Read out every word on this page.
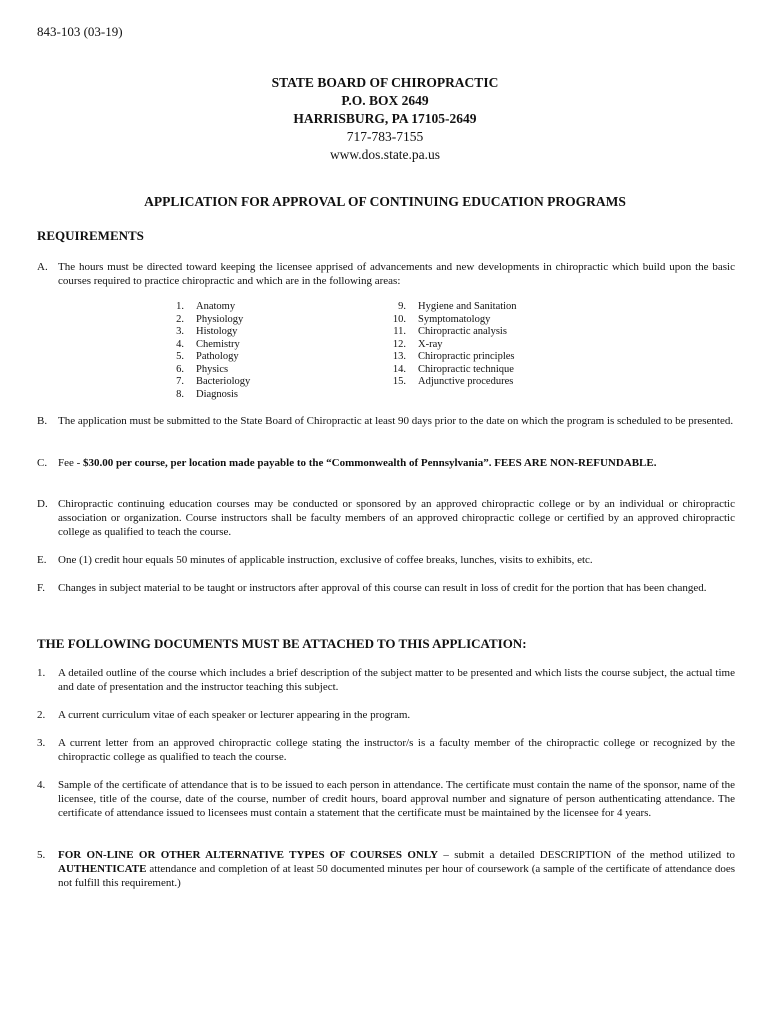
843-103 (03-19)
STATE BOARD OF CHIROPRACTIC
P.O. BOX 2649
HARRISBURG, PA 17105-2649
717-783-7155
www.dos.state.pa.us
APPLICATION FOR APPROVAL OF CONTINUING EDUCATION PROGRAMS
REQUIREMENTS
A. The hours must be directed toward keeping the licensee apprised of advancements and new developments in chiropractic which build upon the basic courses required to practice chiropractic and which are in the following areas:
1. Anatomy
2. Physiology
3. Histology
4. Chemistry
5. Pathology
6. Physics
7. Bacteriology
8. Diagnosis
9. Hygiene and Sanitation
10. Symptomatology
11. Chiropractic analysis
12. X-ray
13. Chiropractic principles
14. Chiropractic technique
15. Adjunctive procedures
B. The application must be submitted to the State Board of Chiropractic at least 90 days prior to the date on which the program is scheduled to be presented.
C. Fee - $30.00 per course, per location made payable to the “Commonwealth of Pennsylvania”. FEES ARE NON-REFUNDABLE.
D. Chiropractic continuing education courses may be conducted or sponsored by an approved chiropractic college or by an individual or chiropractic association or organization. Course instructors shall be faculty members of an approved chiropractic college or certified by an approved chiropractic college as qualified to teach the course.
E. One (1) credit hour equals 50 minutes of applicable instruction, exclusive of coffee breaks, lunches, visits to exhibits, etc.
F. Changes in subject material to be taught or instructors after approval of this course can result in loss of credit for the portion that has been changed.
THE FOLLOWING DOCUMENTS MUST BE ATTACHED TO THIS APPLICATION:
1. A detailed outline of the course which includes a brief description of the subject matter to be presented and which lists the course subject, the actual time and date of presentation and the instructor teaching this subject.
2. A current curriculum vitae of each speaker or lecturer appearing in the program.
3. A current letter from an approved chiropractic college stating the instructor/s is a faculty member of the chiropractic college or recognized by the chiropractic college as qualified to teach the course.
4. Sample of the certificate of attendance that is to be issued to each person in attendance. The certificate must contain the name of the sponsor, name of the licensee, title of the course, date of the course, number of credit hours, board approval number and signature of person authenticating attendance. The certificate of attendance issued to licensees must contain a statement that the certificate must be maintained by the licensee for 4 years.
5. FOR ON-LINE OR OTHER ALTERNATIVE TYPES OF COURSES ONLY – submit a detailed DESCRIPTION of the method utilized to AUTHENTICATE attendance and completion of at least 50 documented minutes per hour of coursework (a sample of the certificate of attendance does not fulfill this requirement.)
